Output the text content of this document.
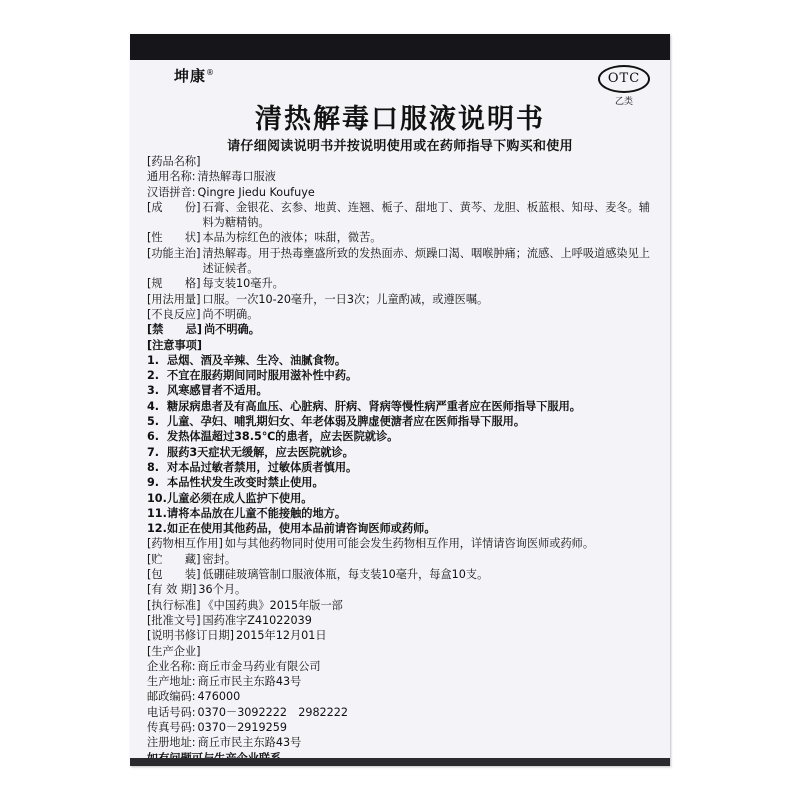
坤康®	OTC
乙类
清热解毒口服液说明书
请仔细阅读说明书并按说明使用或在药师指导下购买和使用
[药品名称]
通用名称: 清热解毒口服液
汉语拼音: Qingre Jiedu Koufuye
[成　　份] 石膏、金银花、玄参、地黄、连翘、栀子、甜地丁、黄芩、龙胆、板蓝根、知母、麦冬。辅料为糖精钠。
[性　　状] 本品为棕红色的液体；味甜，微苦。
[功能主治] 清热解毒。用于热毒壅盛所致的发热面赤、烦躁口渴、咽喉肿痛；流感、上呼吸道感染见上述证候者。
[规　　格] 每支装10毫升。
[用法用量] 口服。一次10-20毫升，一日3次；儿童酌减，或遵医嘱。
[不良反应] 尚不明确。
[禁　　忌] 尚不明确。
[注意事项]
1. 忌烟、酒及辛辣、生冷、油腻食物。
2. 不宜在服药期间同时服用滋补性中药。
3. 风寒感冒者不适用。
4. 糖尿病患者及有高血压、心脏病、肝病、肾病等慢性病严重者应在医师指导下服用。
5. 儿童、孕妇、哺乳期妇女、年老体弱及脾虚便溏者应在医师指导下服用。
6. 发热体温超过38.5℃的患者，应去医院就诊。
7. 服药3天症状无缓解，应去医院就诊。
8. 对本品过敏者禁用，过敏体质者慎用。
9. 本品性状发生改变时禁止使用。
10. 儿童必须在成人监护下使用。
11. 请将本品放在儿童不能接触的地方。
12. 如正在使用其他药品，使用本品前请咨询医师或药师。
[药物相互作用] 如与其他药物同时使用可能会发生药物相互作用，详情请咨询医师或药师。
[贮　　藏] 密封。
[包　　装] 低硼硅玻璃管制口服液体瓶，每支装10毫升，每盒10支。
[有 效 期] 36个月。
[执行标准] 《中国药典》2015年版一部
[批准文号] 国药准字Z41022039
[说明书修订日期] 2015年12月01日
[生产企业]
企业名称: 商丘市金马药业有限公司
生产地址: 商丘市民主东路43号
邮政编码: 476000
电话号码: 0370－3092222　2982222
传真号码: 0370－2919259
注册地址: 商丘市民主东路43号
